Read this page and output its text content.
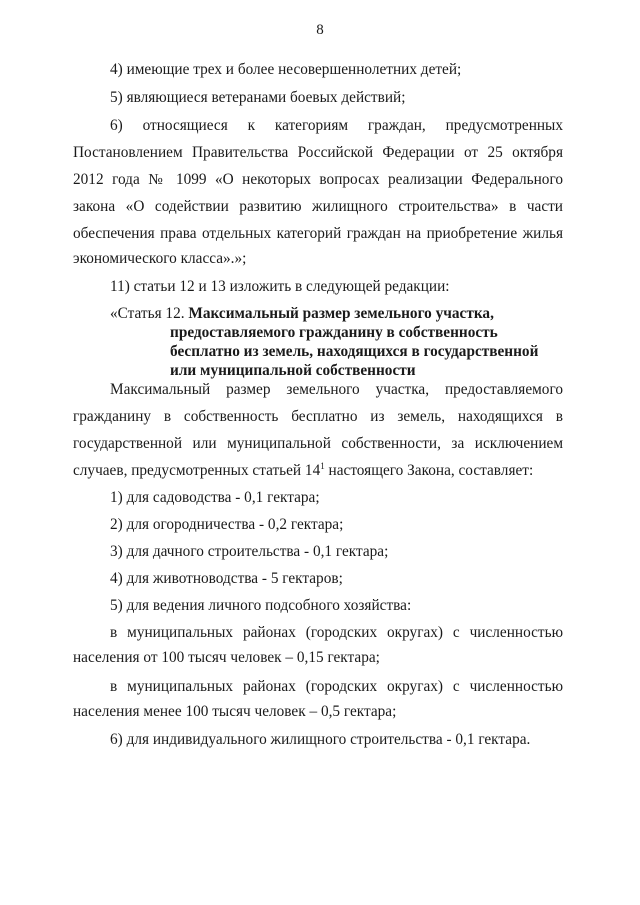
8
4) имеющие трех и более несовершеннолетних детей;
5) являющиеся ветеранами боевых действий;
6) относящиеся к категориям граждан, предусмотренных
Постановлением Правительства Российской Федерации от 25 октября
2012 года № 1099 «О некоторых вопросах реализации Федерального
закона «О содействии развитию жилищного строительства» в части
обеспечения права отдельных категорий граждан на приобретение жилья
экономического класса».»;
11) статьи 12 и 13 изложить в следующей редакции:
«Статья 12. Максимальный размер земельного участка,
предоставляемого гражданину в собственность
бесплатно из земель, находящихся в государственной
или муниципальной собственности
Максимальный размер земельного участка, предоставляемого
гражданину в собственность бесплатно из земель, находящихся в
государственной или муниципальной собственности, за исключением
случаев, предусмотренных статьей $14^1$ настоящего Закона, составляет:
1) для садоводства - 0,1 гектара;
2) для огородничества - 0,2 гектара;
3) для дачного строительства - 0,1 гектара;
4) для животноводства - 5 гектаров;
5) для ведения личного подсобного хозяйства:
в муниципальных районах (городских округах) с численностью
населения от 100 тысяч человек – 0,15 гектара;
в муниципальных районах (городских округах) с численностью
населения менее 100 тысяч человек – 0,5 гектара;
6) для индивидуального жилищного строительства - 0,1 гектара.
